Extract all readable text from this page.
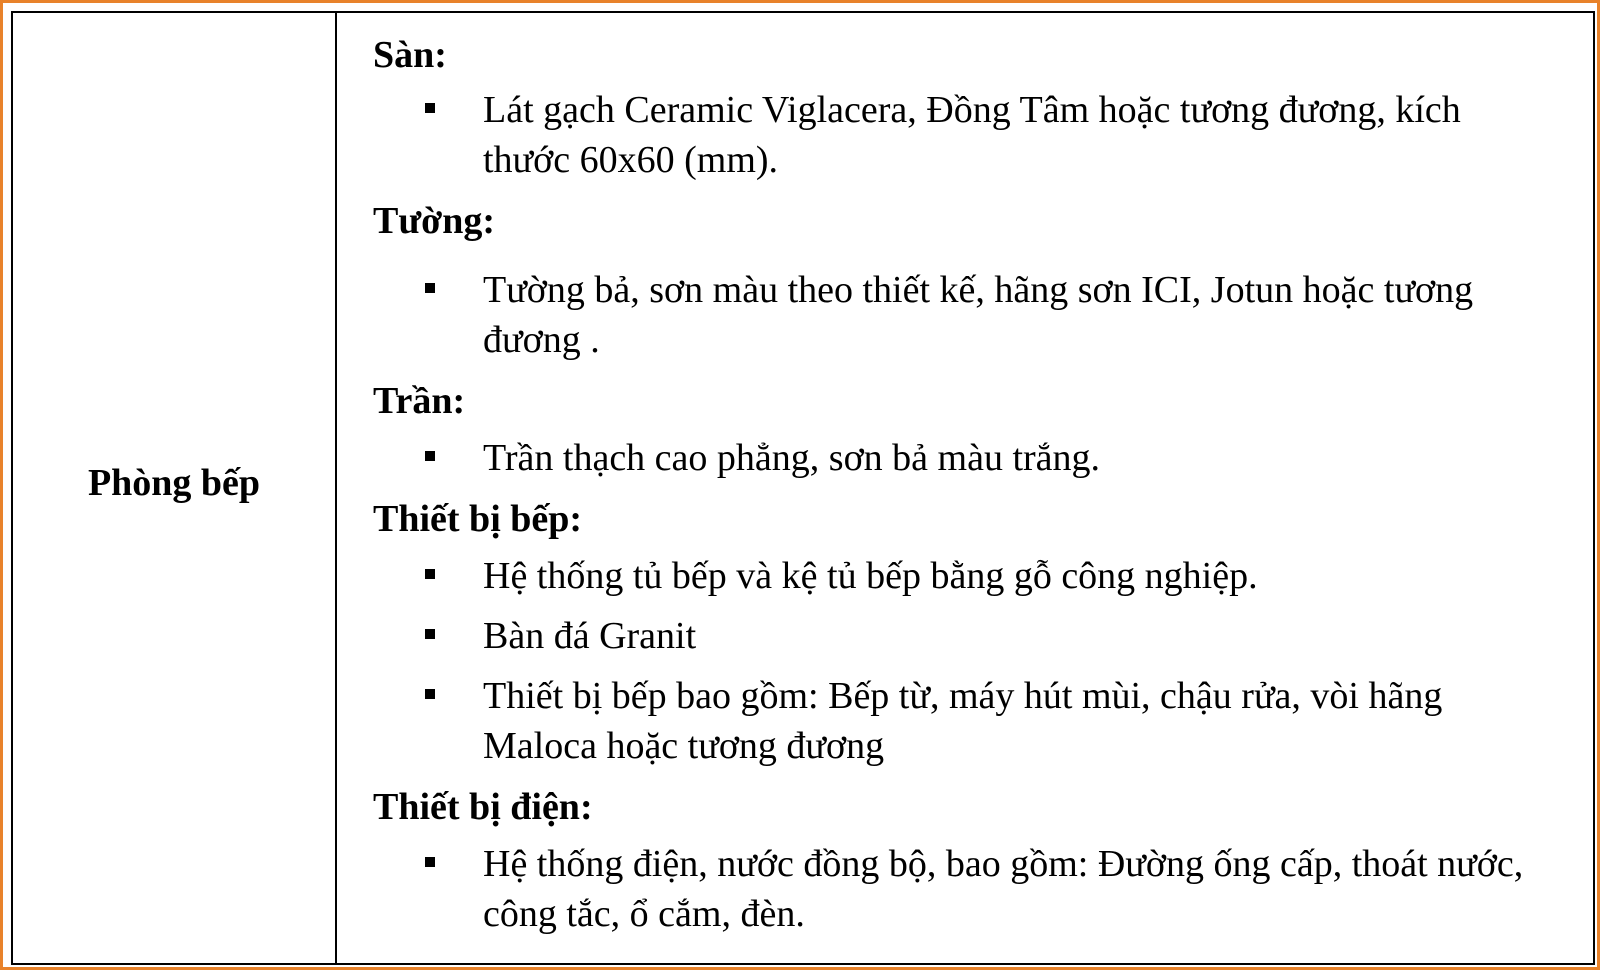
Phòng bếp

Sàn:

Lát gạch Ceramic Viglacera, Đồng Tâm hoặc tương đương, kích thước 60x60 (mm).

Tường:

Tường bả, sơn màu theo thiết kế, hãng sơn ICI, Jotun hoặc tương đương .

Trần:

Trần thạch cao phẳng, sơn bả màu trắng.

Thiết bị bếp:

Hệ thống tủ bếp và kệ tủ bếp bằng gỗ công nghiệp.
Bàn đá Granit
Thiết bị bếp bao gồm: Bếp từ, máy hút mùi, chậu rửa, vòi hãng Maloca hoặc tương đương

Thiết bị điện:

Hệ thống điện, nước đồng bộ, bao gồm: Đường ống cấp, thoát nước, công tắc, ổ cắm, đèn.
